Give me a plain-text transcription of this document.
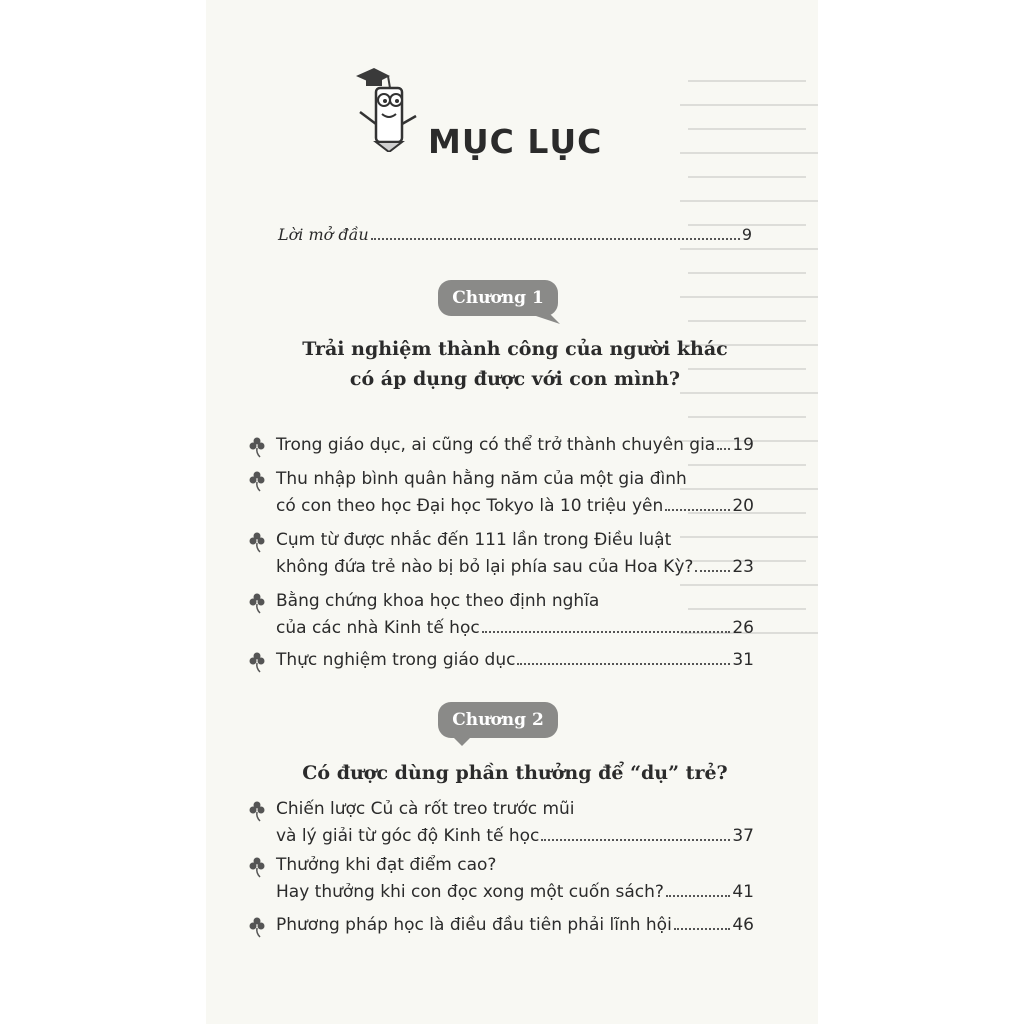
MỤC LỤC
Lời mở đầu	9
Chương 1
Trải nghiệm thành công của người khác
có áp dụng được với con mình?
Trong giáo dục, ai cũng có thể trở thành chuyên gia 19
Thu nhập bình quân hằng năm của một gia đình
có con theo học Đại học Tokyo là 10 triệu yên	20
Cụm từ được nhắc đến 111 lần trong Điều luật
không đứa trẻ nào bị bỏ lại phía sau của Hoa Kỳ? 23
Bằng chứng khoa học theo định nghĩa
của các nhà Kinh tế học	26
Thực nghiệm trong giáo dục	31
Chương 2
Có được dùng phần thưởng để “dụ” trẻ?
Chiến lược Củ cà rốt treo trước mũi
và lý giải từ góc độ Kinh tế học	37
Thưởng khi đạt điểm cao?
Hay thưởng khi con đọc xong một cuốn sách?	41
Phương pháp học là điều đầu tiên phải lĩnh hội	46
